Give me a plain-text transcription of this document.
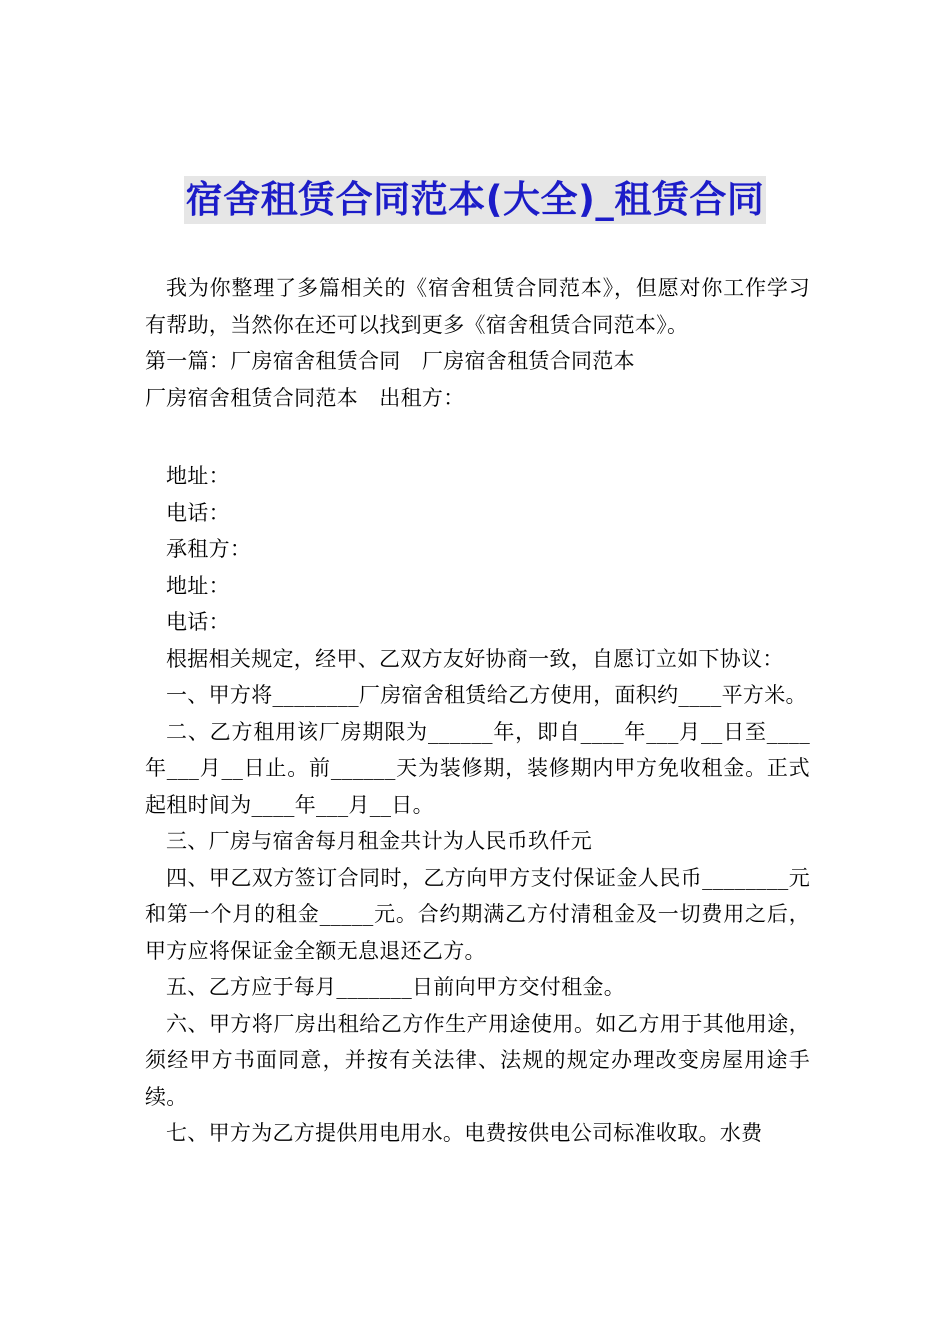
宿舍租赁合同范本(大全)_租赁合同

我为你整理了多篇相关的《宿舍租赁合同范本》，但愿对你工作学习有帮助，当然你在还可以找到更多《宿舍租赁合同范本》。

第一篇：厂房宿舍租赁合同　厂房宿舍租赁合同范本

厂房宿舍租赁合同范本　出租方：

地址：

电话：

承租方：

地址：

电话：

根据相关规定，经甲、乙双方友好协商一致，自愿订立如下协议：

一、甲方将________厂房宿舍租赁给乙方使用，面积约____平方米。

二、乙方租用该厂房期限为______年，即自____年___月__日至____年___月__日止。前______天为装修期，装修期内甲方免收租金。正式起租时间为____年___月__日。

三、厂房与宿舍每月租金共计为人民币玖仟元

四、甲乙双方签订合同时，乙方向甲方支付保证金人民币________元和第一个月的租金_____元。合约期满乙方付清租金及一切费用之后，甲方应将保证金全额无息退还乙方。

五、乙方应于每月_______日前向甲方交付租金。

六、甲方将厂房出租给乙方作生产用途使用。如乙方用于其他用途，须经甲方书面同意，并按有关法律、法规的规定办理改变房屋用途手续。

七、甲方为乙方提供用电用水。电费按供电公司标准收取。水费
